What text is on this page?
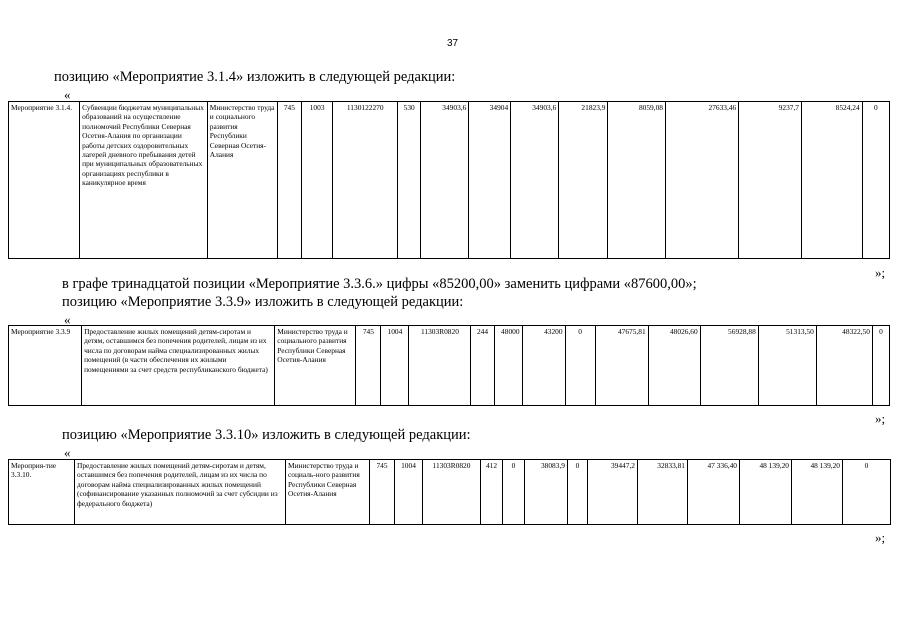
37
позицию «Мероприятие 3.1.4» изложить в следующей редакции:
«
Мероприятие 3.1.4.	Субвенции бюджетам муниципальных образований на осуществление полномочий Республики Северная Осетия-Алания по организации работы детских оздоровительных лагерей дневного пребывания детей при муниципальных образовательных организациях республики в каникулярное время	Министерство труда и социального развития Республики Северная Осетия-Алания	745	1003	1130122270	530	34903,6	34904	34903,6	21823,9	8059,08	27633,46	9237,7	8524,24	0
»;
в графе тринадцатой позиции «Мероприятие 3.3.6.» цифры «85200,00» заменить цифрами «87600,00»;
позицию «Мероприятие 3.3.9» изложить в следующей редакции:
«
Мероприятие 3.3.9	Предоставление жилых помещений детям-сиротам и детям, оставшимся без попечения родителей, лицам из их числа по договорам найма специализированных жилых помещений (в части обеспечения их жилыми помещениями за счет средств республиканского бюджета)	Министерство труда и социального развития Республики Северная Осетия-Алания	745	1004	11303R0820	244	48000	43200	0	47675,81	48026,60	56928,88	51313,50	48322,50	0
»;
позицию «Мероприятие 3.3.10» изложить в следующей редакции:
«
Мероприя-тие 3.3.10.	Предоставление жилых помещений детям-сиротам и детям, оставшимся без попечения родителей, лицам из их числа по договорам найма специализированных жилых помещений (софинансирование указанных полномочий за счет субсидии из федерального бюджета)	Министерство труда и социаль-ного развития Республики Северная Осетия-Алания	745	1004	11303R0820	412	0	38083,9	0	39447,2	32833,81	47 336,40	48 139,20	48 139,20	0
»;
